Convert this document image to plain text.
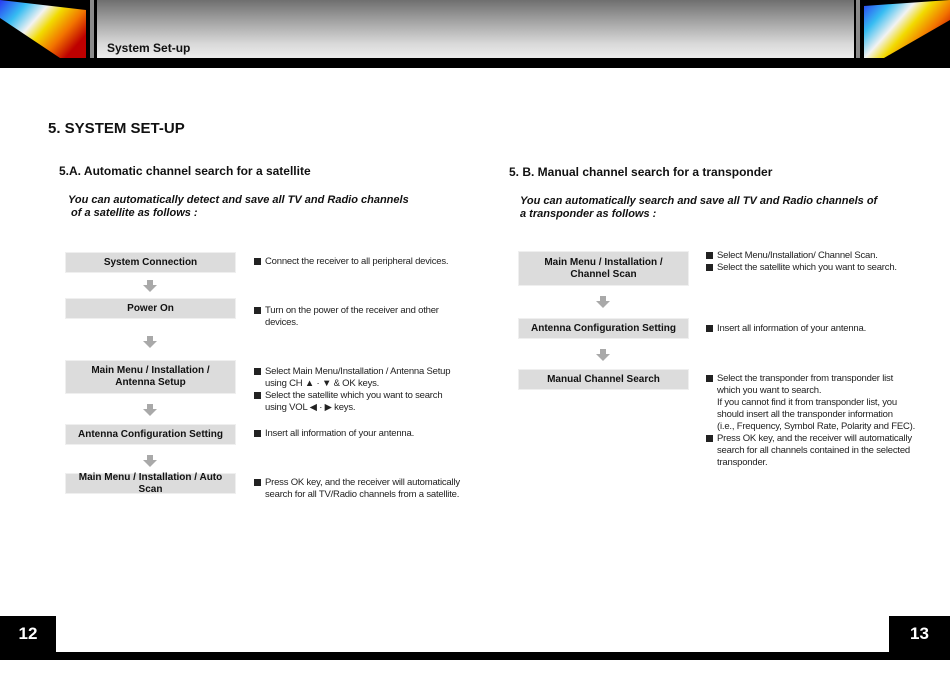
System Set-up
5. SYSTEM SET-UP
5.A. Automatic channel search for a satellite
You can automatically detect and save all TV and Radio channels
of a satellite as follows :
5. B. Manual channel search for a transponder
You can automatically search and save all TV and Radio channels of
a transponder as follows :
System Connection
Power On
Main Menu / Installation /
Antenna Setup
Antenna Configuration Setting
Main Menu / Installation / Auto Scan
Connect the receiver to all peripheral devices.
Turn on the power of the receiver and other
devices.
Select Main Menu/Installation / Antenna Setup
using CH ▲ · ▼ & OK keys.
Select the satellite which you want to search
using VOL ◀ · ▶ keys.
Insert all information of your antenna.
Press OK key, and the receiver will automatically
search for all TV/Radio channels from a satellite.
Main Menu / Installation /
Channel Scan
Antenna Configuration Setting
Manual Channel Search
Select Menu/Installation/ Channel Scan.
Select the satellite which you want to search.
Insert all information of your antenna.
Select the transponder from transponder list
which you want to search.
If you cannot find it from transponder list, you
should insert all the transponder information
(i.e., Frequency, Symbol Rate, Polarity and FEC).
Press OK key, and the receiver will automatically
search for all channels contained in the selected
transponder.
12	13
